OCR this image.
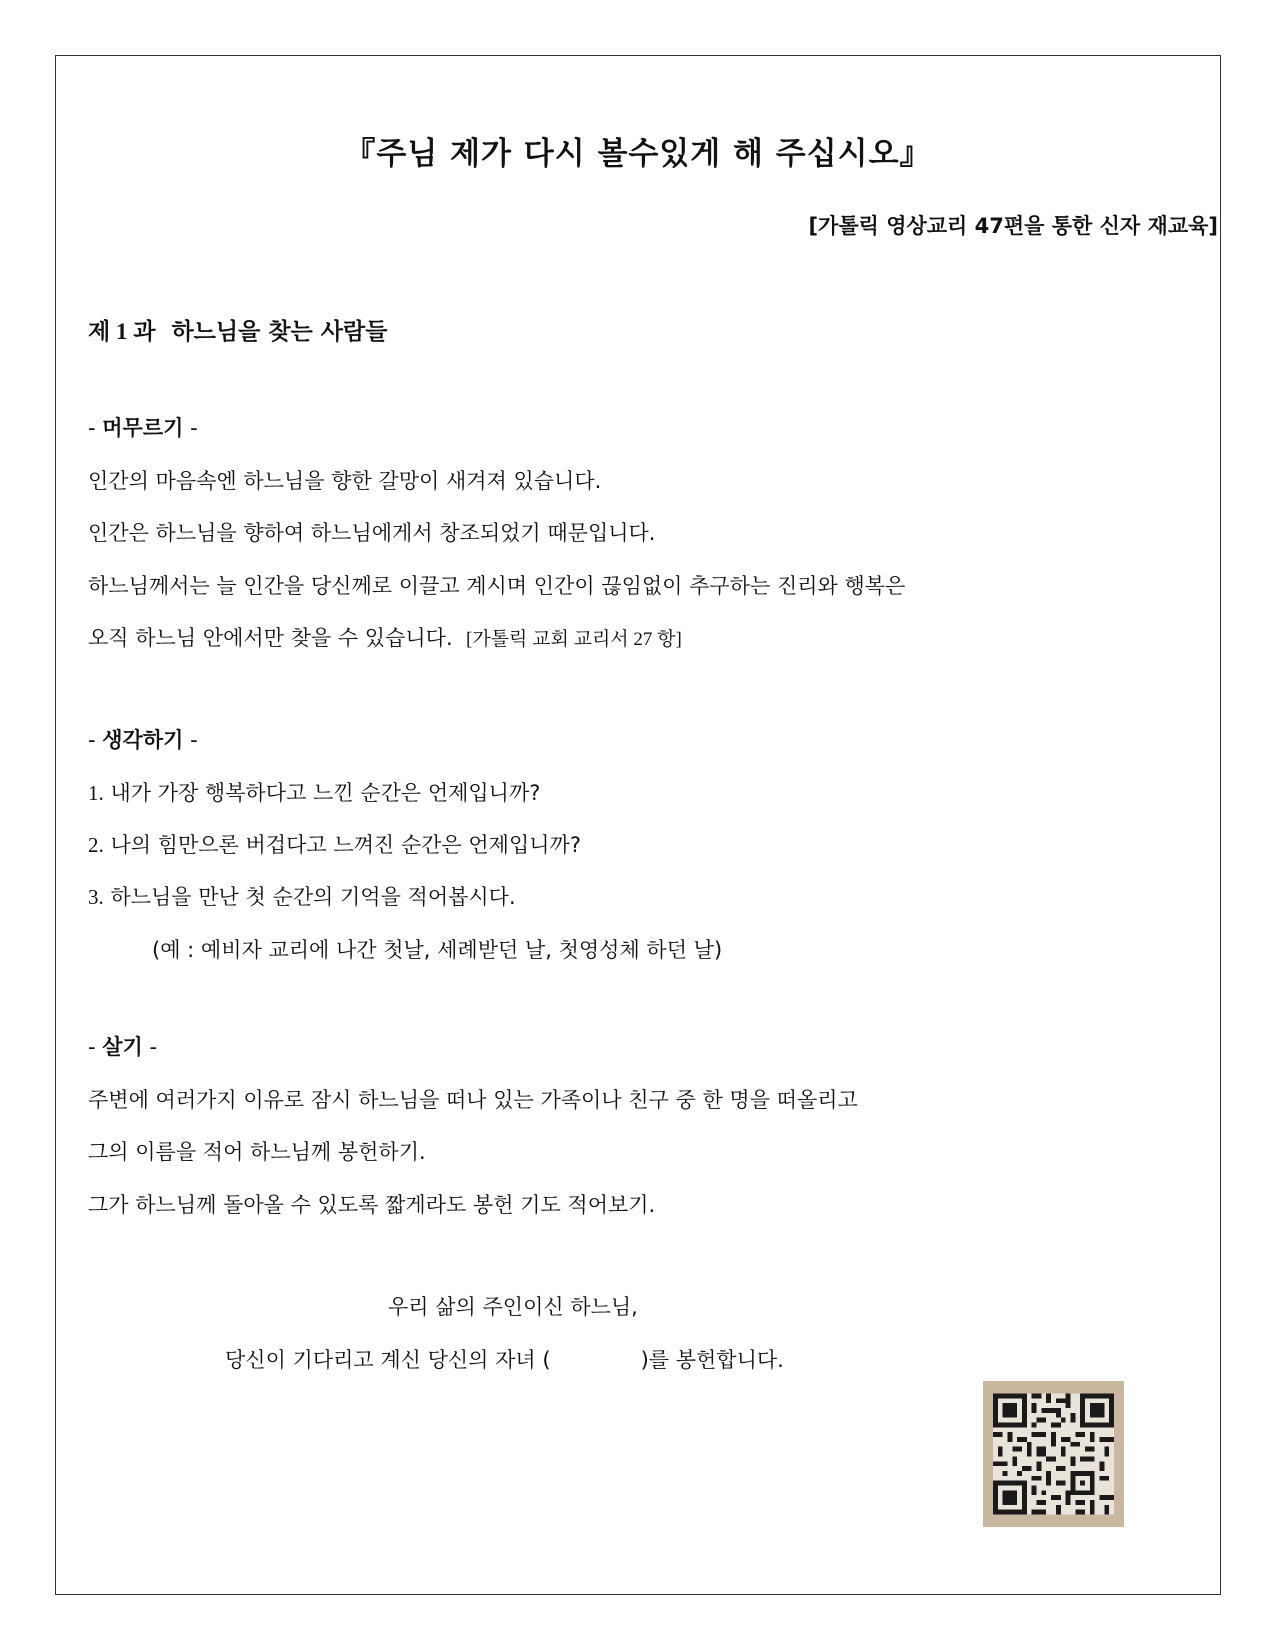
『주님 제가 다시 볼수있게 해 주십시오』
[가톨릭 영상교리 47편을 통한 신자 재교육]
제 1 과 하느님을 찾는 사람들
- 머무르기 -
인간의 마음속엔 하느님을 향한 갈망이 새겨져 있습니다.
인간은 하느님을 향하여 하느님에게서 창조되었기 때문입니다.
하느님께서는 늘 인간을 당신께로 이끌고 계시며 인간이 끊임없이 추구하는 진리와 행복은
오직 하느님 안에서만 찾을 수 있습니다. [가톨릭 교회 교리서 27 항]
- 생각하기 -
1. 내가 가장 행복하다고 느낀 순간은 언제입니까?
2. 나의 힘만으론 버겁다고 느껴진 순간은 언제입니까?
3. 하느님을 만난 첫 순간의 기억을 적어봅시다.
(예 : 예비자 교리에 나간 첫날, 세례받던 날, 첫영성체 하던 날)
- 살기 -
주변에 여러가지 이유로 잠시 하느님을 떠나 있는 가족이나 친구 중 한 명을 떠올리고
그의 이름을 적어 하느님께 봉헌하기.
그가 하느님께 돌아올 수 있도록 짧게라도 봉헌 기도 적어보기.
우리 삶의 주인이신 하느님,
당신이 기다리고 계신 당신의 자녀 (	)를 봉헌합니다.
